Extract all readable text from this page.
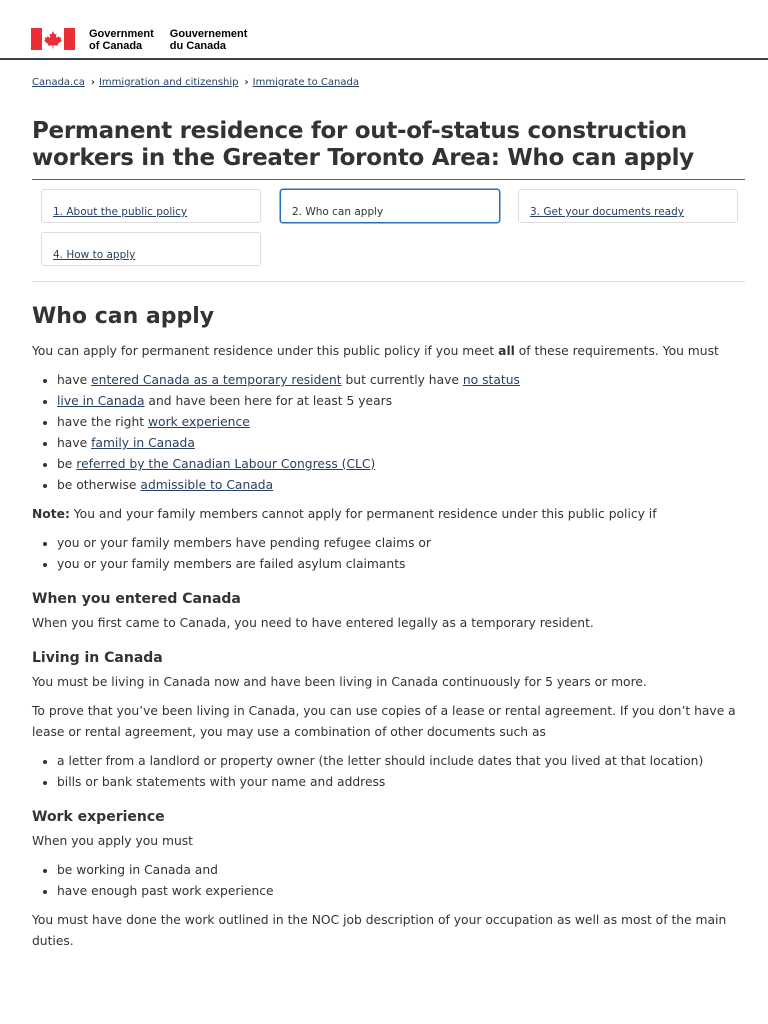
Government
of Canada
Gouvernement
du Canada
Canada.ca › Immigration and citizenship › Immigrate to Canada
Permanent residence for out-of-status construction workers in the Greater Toronto Area: Who can apply
1. About the public policy	2. Who can apply	3. Get your documents ready
4. How to apply
Who can apply

You can apply for permanent residence under this public policy if you meet all of these requirements. You must

• have entered Canada as a temporary resident but currently have no status
• live in Canada and have been here for at least 5 years
• have the right work experience
• have family in Canada
• be referred by the Canadian Labour Congress (CLC)
• be otherwise admissible to Canada

Note: You and your family members cannot apply for permanent residence under this public policy if

• you or your family members have pending refugee claims or
• you or your family members are failed asylum claimants
When you entered Canada

When you first came to Canada, you need to have entered legally as a temporary resident.

Living in Canada

You must be living in Canada now and have been living in Canada continuously for 5 years or more.

To prove that you’ve been living in Canada, you can use copies of a lease or rental agreement. If you don’t have a lease or rental agreement, you may use a combination of other documents such as

• a letter from a landlord or property owner (the letter should include dates that you lived at that location)
• bills or bank statements with your name and address
Work experience

When you apply you must

• be working in Canada and
• have enough past work experience

You must have done the work outlined in the NOC job description of your occupation as well as most of the main duties.
